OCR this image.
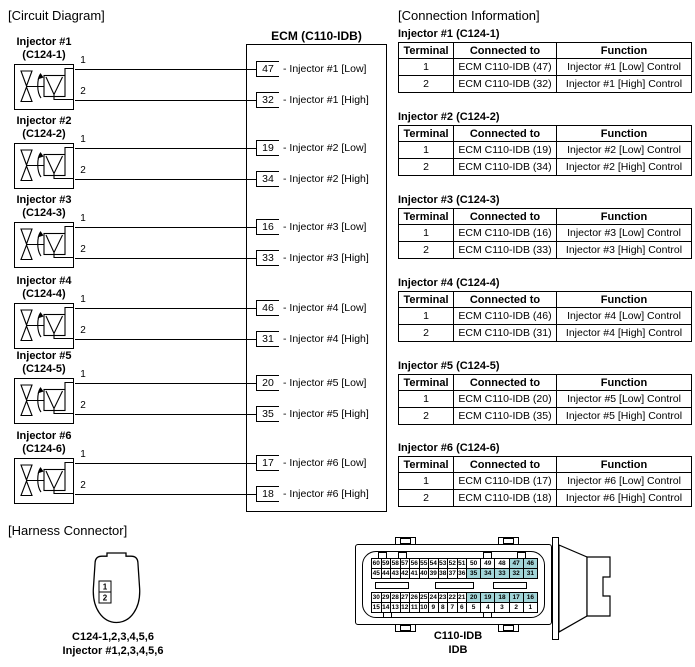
[Circuit Diagram]	[Connection Information]
[Harness Connector]
ECM (C110-IDB)
Injector #1
(C124-1)	1
2
47 - Injector #1 [Low]
32 - Injector #1 [High]
Injector #2
(C124-2)	1
2
19 - Injector #2 [Low]
34 - Injector #2 [High]
Injector #3
(C124-3)	1
2
16 - Injector #3 [Low]
33 - Injector #3 [High]
Injector #4
(C124-4)	1
2
46 - Injector #4 [Low]
31 - Injector #4 [High]
Injector #5
(C124-5)	1
2
20 - Injector #5 [Low]
35 - Injector #5 [High]
Injector #6
(C124-6)	1
2
17 - Injector #6 [Low]
18 - Injector #6 [High]
Injector #1 (C124-1)
Terminal	Connected to	Function
1	ECM C110-IDB (47)	Injector #1 [Low] Control
2	ECM C110-IDB (32)	Injector #1 [High] Control
Injector #2 (C124-2)
Terminal	Connected to	Function
1	ECM C110-IDB (19)	Injector #2 [Low] Control
2	ECM C110-IDB (34)	Injector #2 [High] Control
Injector #3 (C124-3)
Terminal	Connected to	Function
1	ECM C110-IDB (16)	Injector #3 [Low] Control
2	ECM C110-IDB (33)	Injector #3 [High] Control
Injector #4 (C124-4)
Terminal	Connected to	Function
1	ECM C110-IDB (46)	Injector #4 [Low] Control
2	ECM C110-IDB (31)	Injector #4 [High] Control
Injector #5 (C124-5)
Terminal	Connected to	Function
1	ECM C110-IDB (20)	Injector #5 [Low] Control
2	ECM C110-IDB (35)	Injector #5 [High] Control
Injector #6 (C124-6)
Terminal	Connected to	Function
1	ECM C110-IDB (17)	Injector #6 [Low] Control
2	ECM C110-IDB (18)	Injector #6 [High] Control
1
2
C124-1,2,3,4,5,6
Injector #1,2,3,4,5,6
60	59	58	57	56	55	54	53	52	51	50	49	48	47	46
45	44	43	42	41	40	39	38	37	36	35	34	33	32	31
30	29	28	27	26	25	24	23	22	21	20	19	18	17	16
15	14	13	12	11	10	9	8	7	6	5	4	3	2	1
C110-IDB
IDB
